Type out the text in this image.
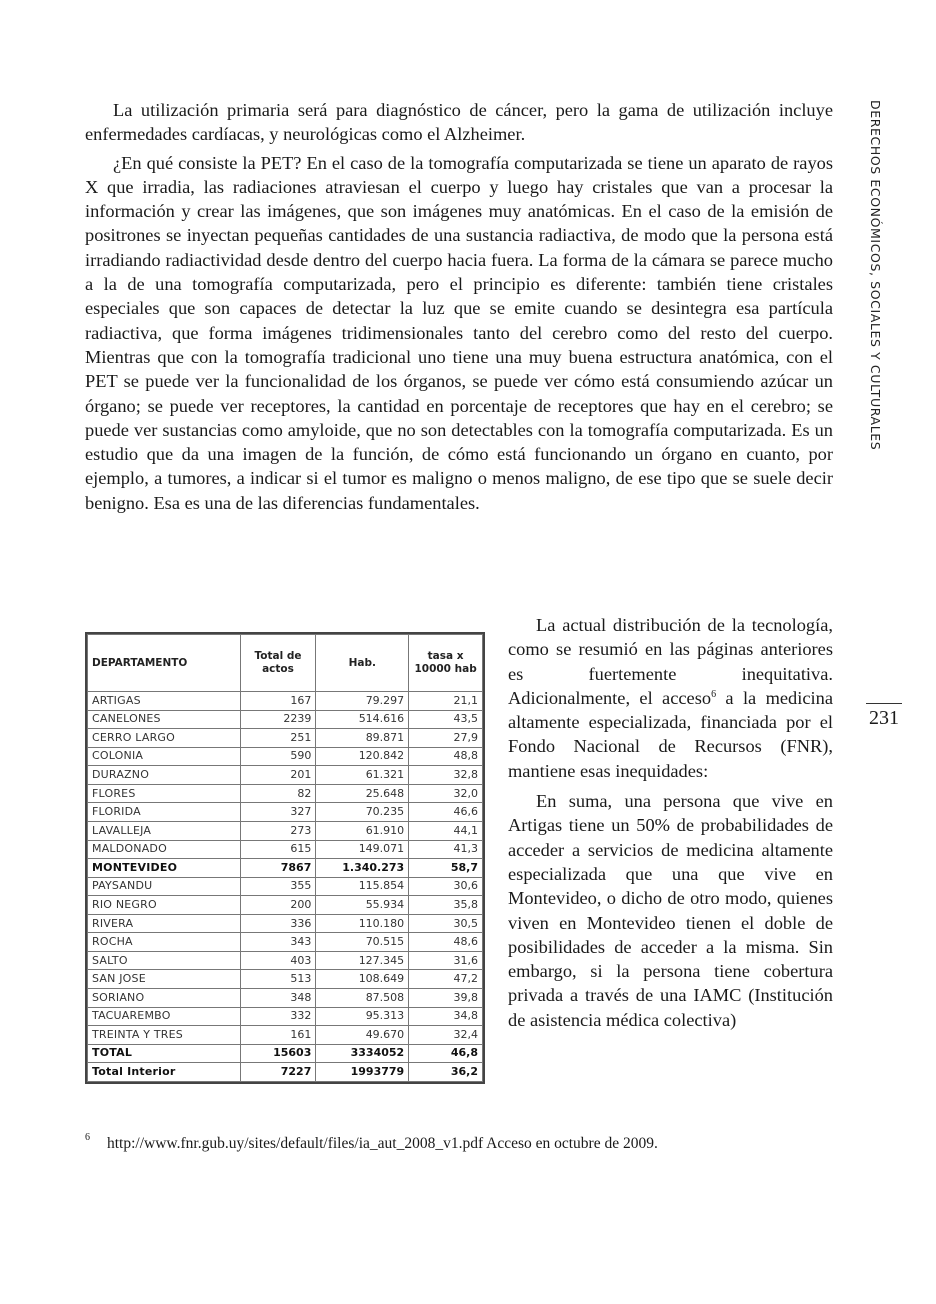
DERECHOS ECONÓMICOS, SOCIALES Y CULTURALES
231

La utilización primaria será para diagnóstico de cáncer, pero la gama de utilización incluye enfermedades cardíacas, y neurológicas como el Alzheimer.

¿En qué consiste la PET? En el caso de la tomografía computarizada se tiene un aparato de rayos X que irradia, las radiaciones atraviesan el cuerpo y luego hay cristales que van a procesar la información y crear las imágenes, que son imágenes muy anatómicas. En el caso de la emisión de positrones se inyectan pequeñas cantidades de una sustancia radiactiva, de modo que la persona está irradiando radiactividad desde dentro del cuerpo hacia fuera. La forma de la cámara se parece mucho a la de una tomografía computarizada, pero el principio es diferente: también tiene cristales especiales que son capaces de detectar la luz que se emite cuando se desintegra esa partícula radiactiva, que forma imágenes tridimensionales tanto del cerebro como del resto del cuerpo. Mientras que con la tomografía tradicional uno tiene una muy buena estructura anatómica, con el PET se puede ver la funcionalidad de los órganos, se puede ver cómo está consumiendo azúcar un órgano; se puede ver receptores, la cantidad en porcentaje de receptores que hay en el cerebro; se puede ver sustancias como amyloide, que no son detectables con la tomografía computarizada. Es un estudio que da una imagen de la función, de cómo está funcionando un órgano en cuanto, por ejemplo, a tumores, a indicar si el tumor es maligno o menos maligno, de ese tipo que se suele decir benigno. Esa es una de las diferencias fundamentales.

DEPARTAMENTO	Total de actos	Hab.	tasa x 10000 hab
ARTIGAS	167	79.297	21,1
CANELONES	2239	514.616	43,5
CERRO LARGO	251	89.871	27,9
COLONIA	590	120.842	48,8
DURAZNO	201	61.321	32,8
FLORES	82	25.648	32,0
FLORIDA	327	70.235	46,6
LAVALLEJA	273	61.910	44,1
MALDONADO	615	149.071	41,3
MONTEVIDEO	7867	1.340.273	58,7
PAYSANDU	355	115.854	30,6
RIO NEGRO	200	55.934	35,8
RIVERA	336	110.180	30,5
ROCHA	343	70.515	48,6
SALTO	403	127.345	31,6
SAN JOSE	513	108.649	47,2
SORIANO	348	87.508	39,8
TACUAREMBO	332	95.313	34,8
TREINTA Y TRES	161	49.670	32,4
TOTAL	15603	3334052	46,8
Total Interior	7227	1993779	36,2

La actual distribución de la tecnología, como se resumió en las páginas anteriores es fuertemente inequitativa. Adicionalmente, el acceso$^6$ a la medicina altamente especializada, financiada por el Fondo Nacional de Recursos (FNR), mantiene esas inequidades:

En suma, una persona que vive en Artigas tiene un 50% de probabilidades de acceder a servicios de medicina altamente especializada que una que vive en Montevideo, o dicho de otro modo, quienes viven en Montevideo tienen el doble de posibilidades de acceder a la misma. Sin embargo, si la persona tiene cobertura privada a través de una IAMC (Institución de asistencia médica colectiva)

6 http://www.fnr.gub.uy/sites/default/files/ia_aut_2008_v1.pdf Acceso en octubre de 2009.
